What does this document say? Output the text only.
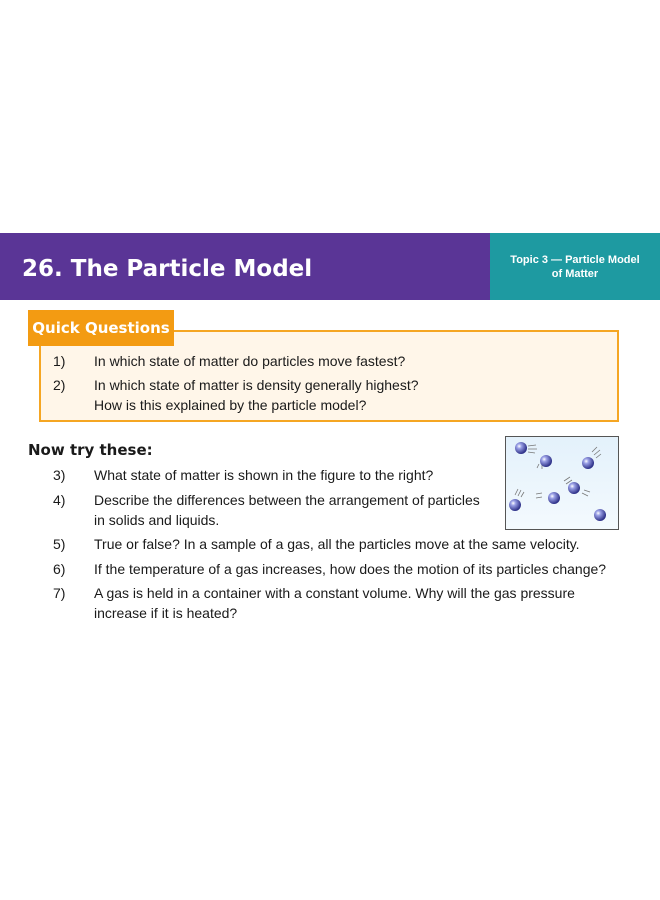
26. The Particle Model	Topic 3 — Particle Model of Matter
Quick Questions
1)	In which state of matter do particles move fastest?
2)	In which state of matter is density generally highest?
How is this explained by the particle model?
Now try these:
3)	What state of matter is shown in the figure to the right?
4)	Describe the differences between the arrangement of particles
in solids and liquids.
5)	True or false? In a sample of a gas, all the particles move at the same velocity.
6)	If the temperature of a gas increases, how does the motion of its particles change?
7)	A gas is held in a container with a constant volume. Why will the gas pressure
increase if it is heated?
